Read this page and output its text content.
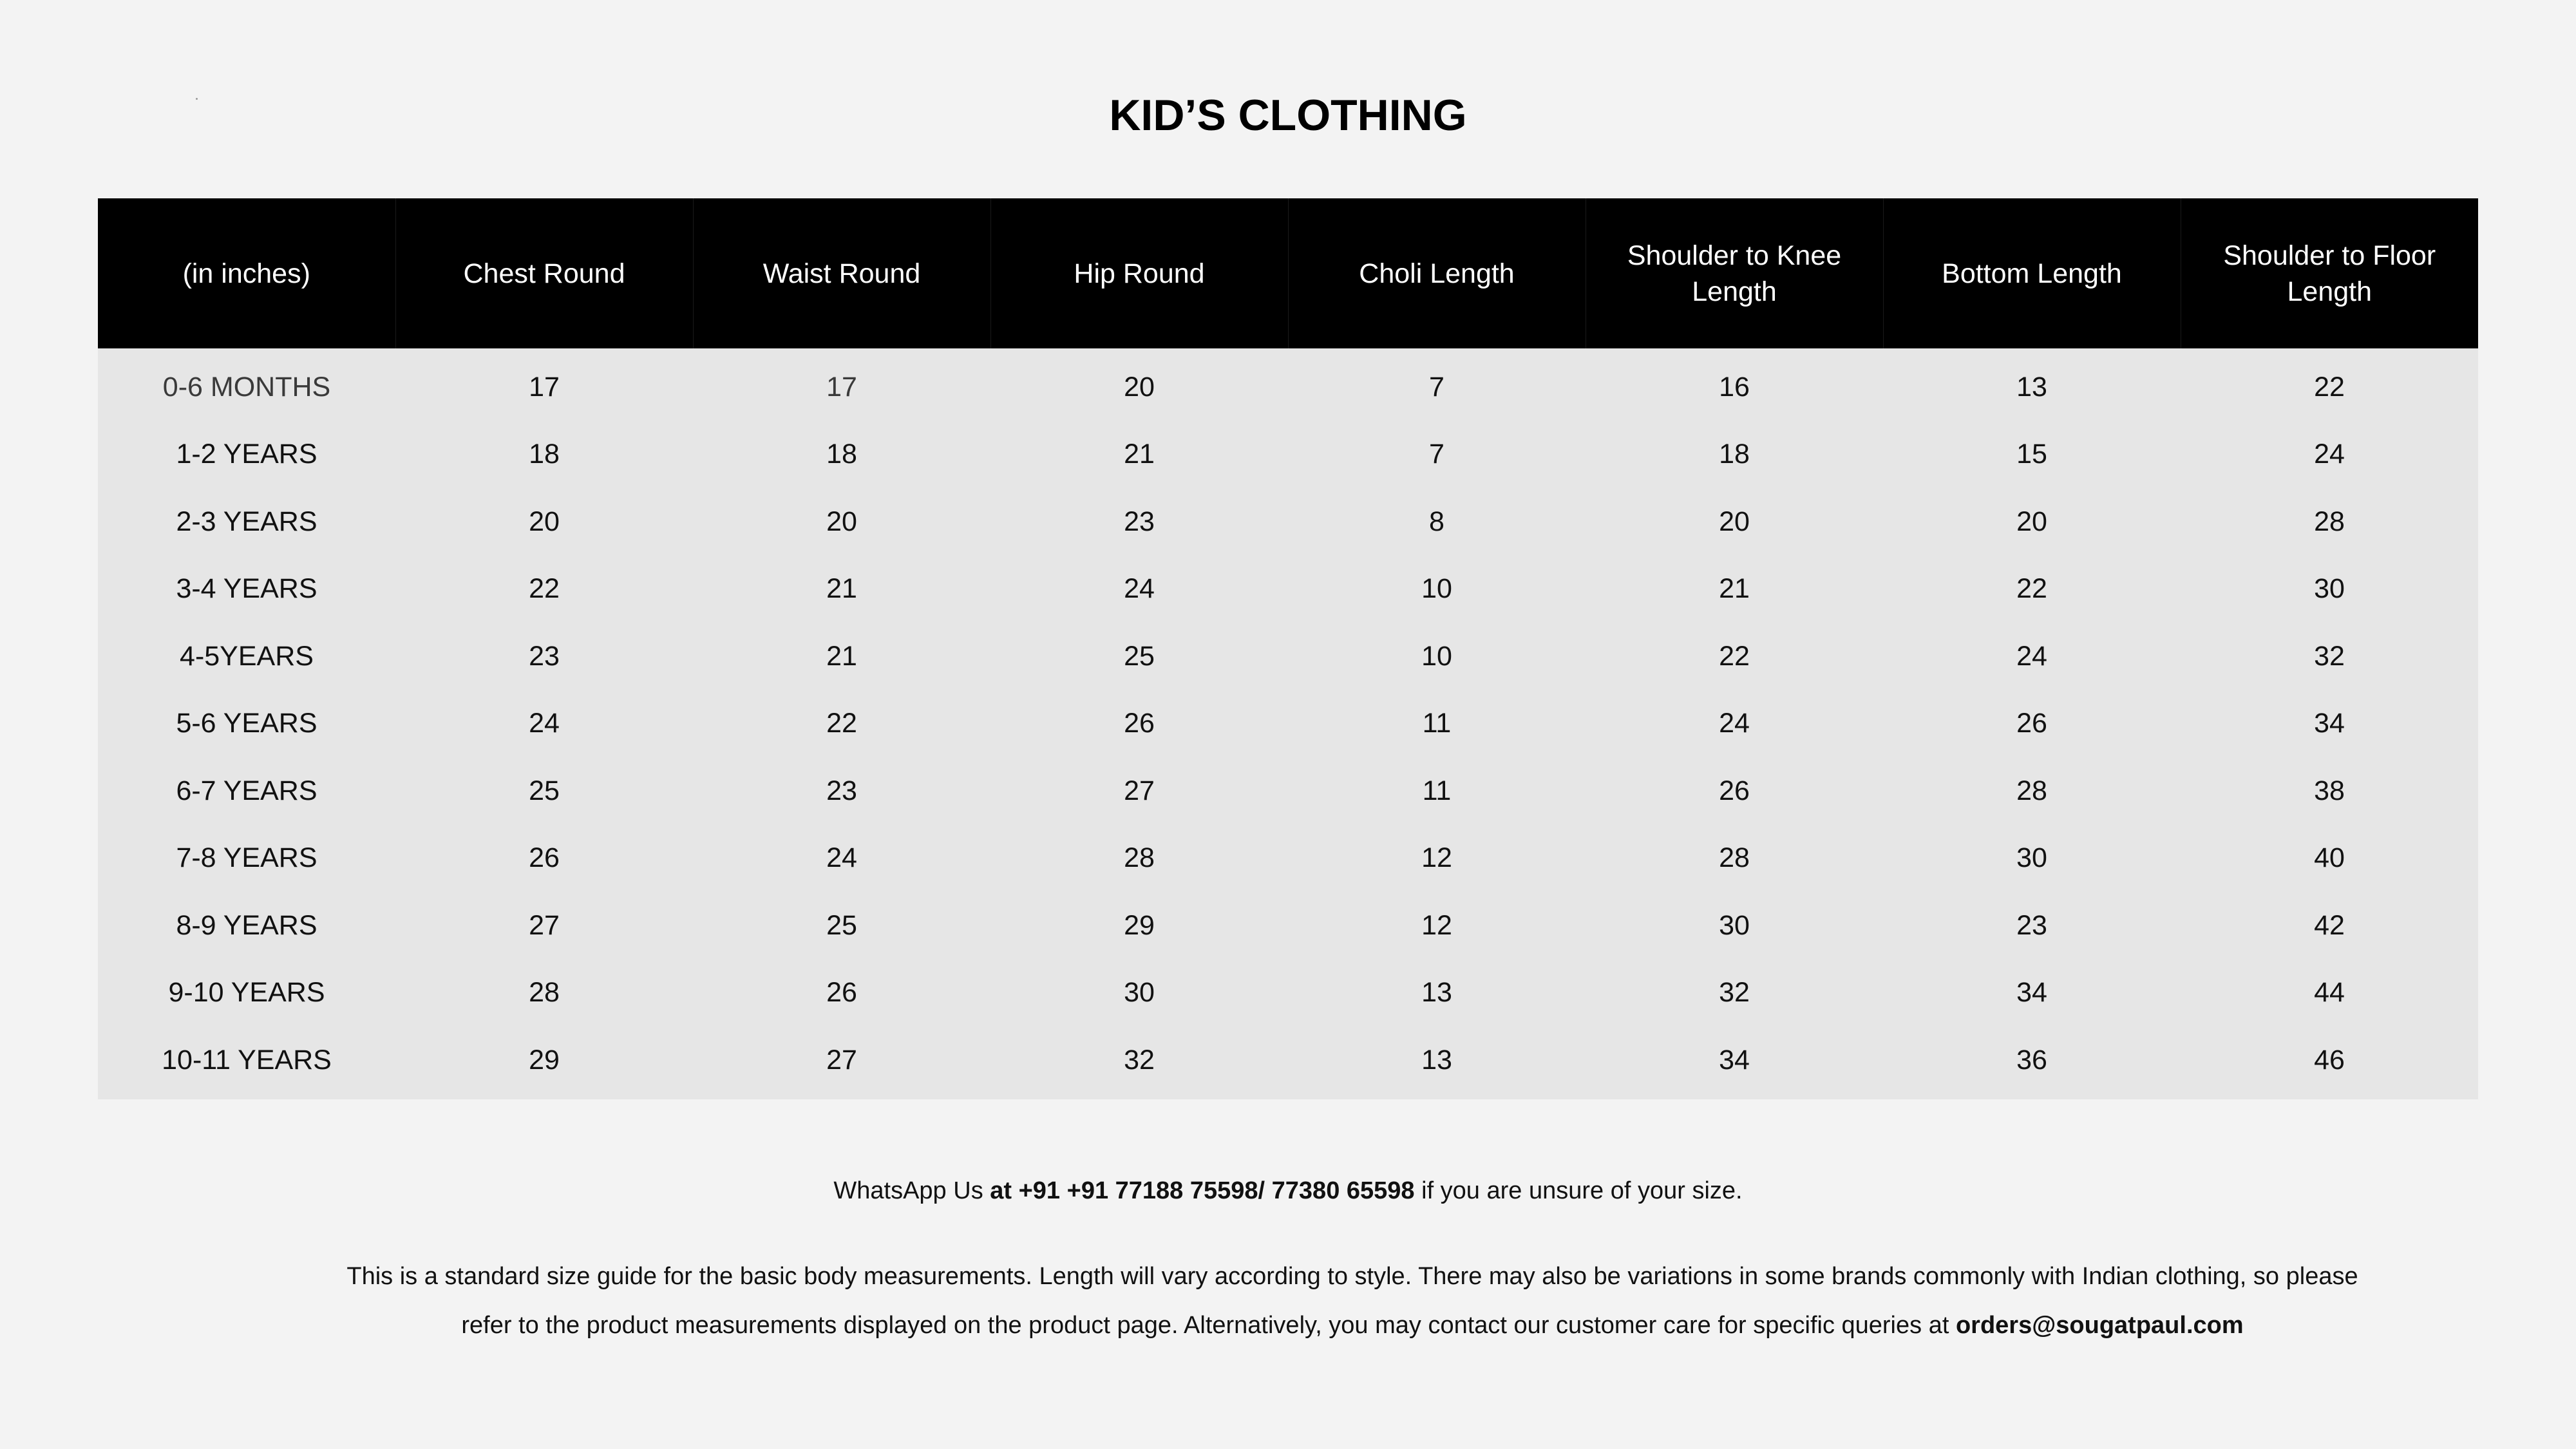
KID’S CLOTHING
(in inches)	Chest Round	Waist Round	Hip Round	Choli Length	Shoulder to Knee Length	Bottom Length	Shoulder to Floor Length
0-6 MONTHS	17	17	20	7	16	13	22
1-2 YEARS	18	18	21	7	18	15	24
2-3 YEARS	20	20	23	8	20	20	28
3-4 YEARS	22	21	24	10	21	22	30
4-5YEARS	23	21	25	10	22	24	32
5-6 YEARS	24	22	26	11	24	26	34
6-7 YEARS	25	23	27	11	26	28	38
7-8 YEARS	26	24	28	12	28	30	40
8-9 YEARS	27	25	29	12	30	23	42
9-10 YEARS	28	26	30	13	32	34	44
10-11 YEARS	29	27	32	13	34	36	46
WhatsApp Us at +91 +91 77188 75598/ 77380 65598 if you are unsure of your size.
This is a standard size guide for the basic body measurements. Length will vary according to style. There may also be variations in some brands commonly with Indian clothing, so please
refer to the product measurements displayed on the product page. Alternatively, you may contact our customer care for specific queries at orders@sougatpaul.com
